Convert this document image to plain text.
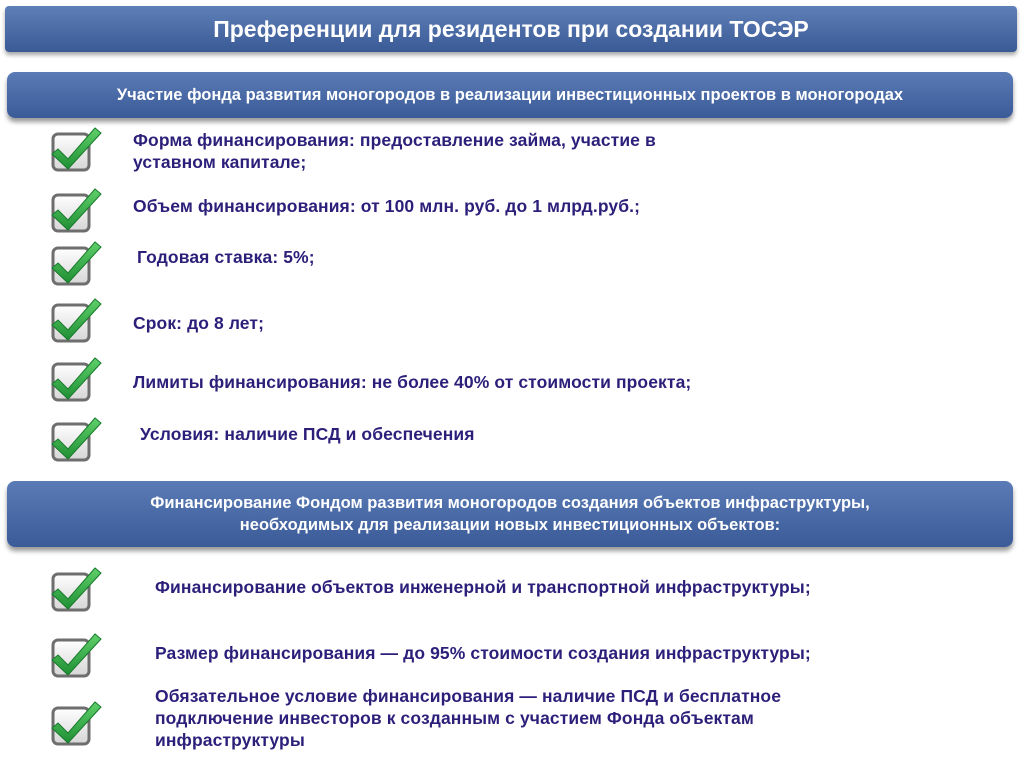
Преференции для резидентов при создании ТОСЭР
Участие фонда развития моногородов в реализации инвестиционных проектов в моногородах
Форма финансирования: предоставление займа, участие в
уставном капитале;
Объем финансирования: от 100 млн. руб. до 1 млрд.руб.;
Годовая ставка: 5%;
Срок: до 8 лет;
Лимиты финансирования: не более 40% от стоимости проекта;
Условия: наличие ПСД и обеспечения
Финансирование Фондом развития моногородов создания объектов инфраструктуры,
необходимых для реализации новых инвестиционных объектов:
Финансирование объектов инженерной и транспортной инфраструктуры;
Размер финансирования — до 95% стоимости создания инфраструктуры;
Обязательное условие финансирования — наличие ПСД и бесплатное
подключение инвесторов к созданным с участием Фонда объектам
инфраструктуры
